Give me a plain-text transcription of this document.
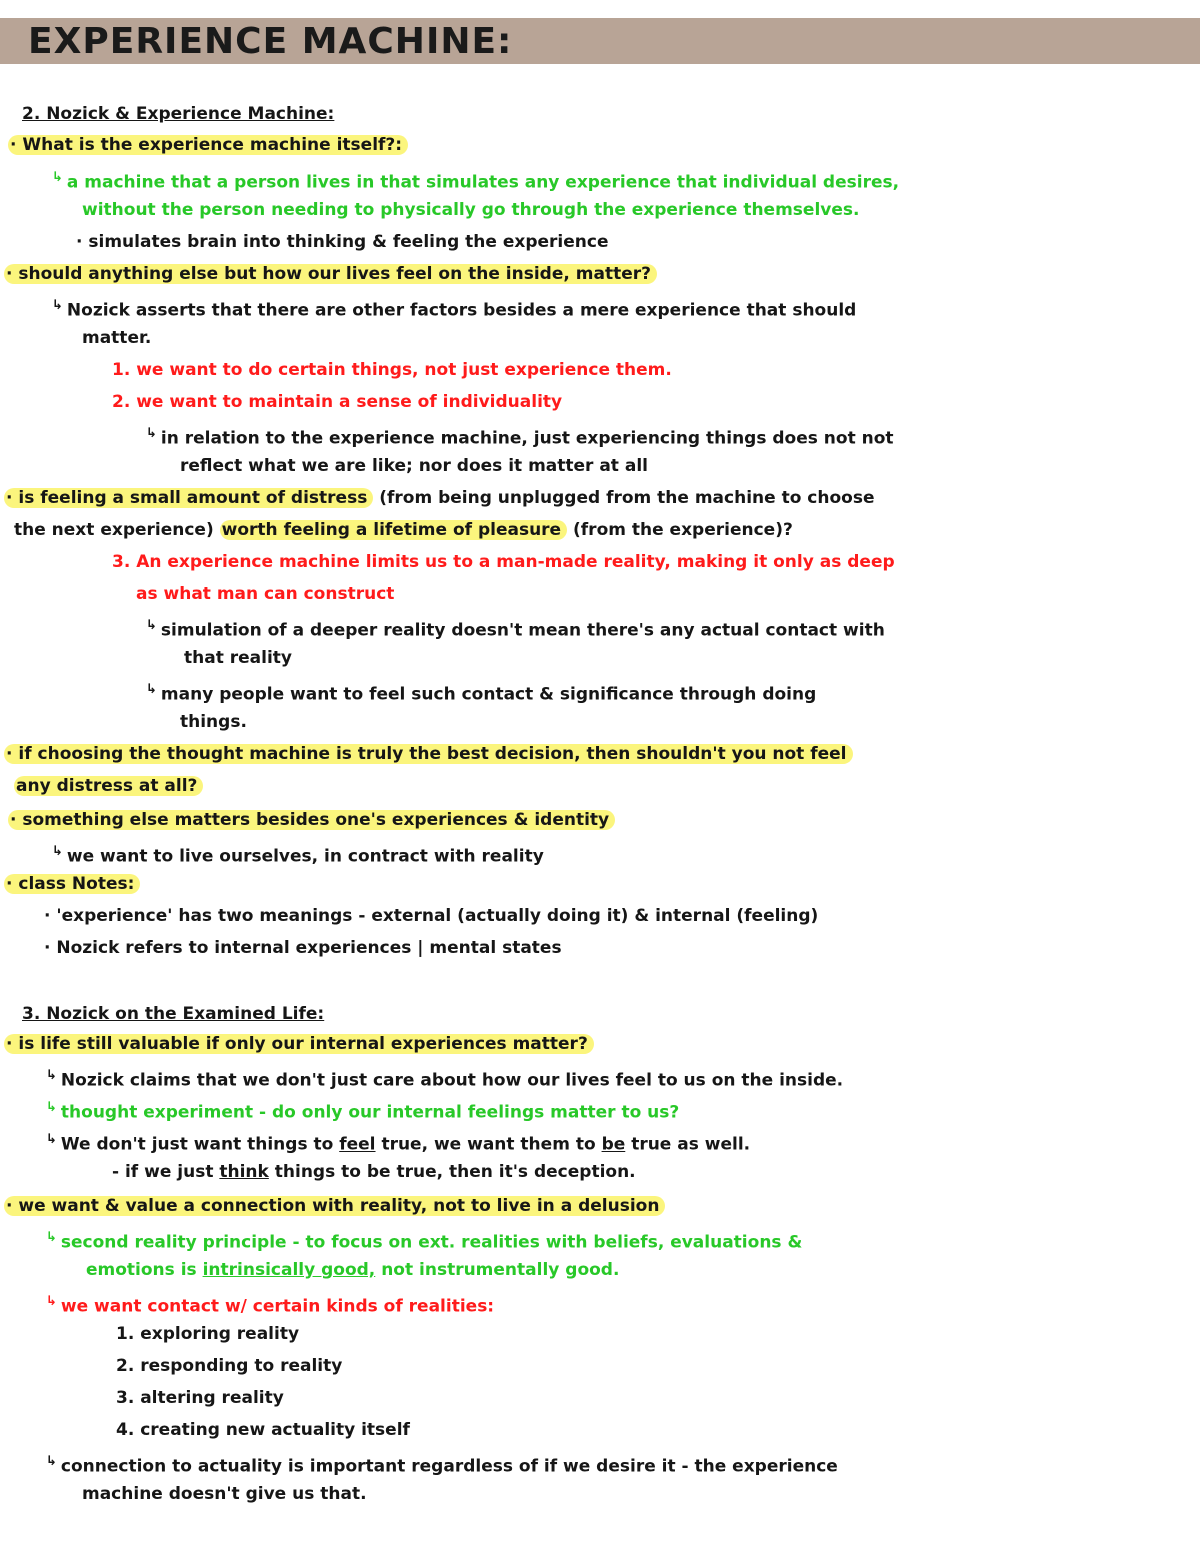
EXPERIENCE MACHINE:
2. Nozick & Experience Machine:
· What is the experience machine itself?:
↳ a machine that a person lives in that simulates any experience that individual desires,
without the person needing to physically go through the experience themselves.
· simulates brain into thinking & feeling the experience
· should anything else but how our lives feel on the inside, matter?
↳ Nozick asserts that there are other factors besides a mere experience that should
matter.
1. we want to do certain things, not just experience them.
2. we want to maintain a sense of individuality
↳ in relation to the experience machine, just experiencing things does not not
reflect what we are like; nor does it matter at all
· is feeling a small amount of distress (from being unplugged from the machine to choose
the next experience) worth feeling a lifetime of pleasure (from the experience)?
3. An experience machine limits us to a man-made reality, making it only as deep
as what man can construct
↳ simulation of a deeper reality doesn't mean there's any actual contact with
that reality
↳ many people want to feel such contact & significance through doing
things.
· if choosing the thought machine is truly the best decision, then shouldn't you not feel
any distress at all?
· something else matters besides one's experiences & identity
↳ we want to live ourselves, in contract with reality
· class Notes:
· 'experience' has two meanings - external (actually doing it) & internal (feeling)
· Nozick refers to internal experiences | mental states
3. Nozick on the Examined Life:
· is life still valuable if only our internal experiences matter?
↳ Nozick claims that we don't just care about how our lives feel to us on the inside.
↳ thought experiment - do only our internal feelings matter to us?
↳ We don't just want things to feel true, we want them to be true as well.
- if we just think things to be true, then it's deception.
· we want & value a connection with reality, not to live in a delusion
↳ second reality principle - to focus on ext. realities with beliefs, evaluations &
emotions is intrinsically good, not instrumentally good.
↳ we want contact w/ certain kinds of realities:
1. exploring reality
2. responding to reality
3. altering reality
4. creating new actuality itself
↳ connection to actuality is important regardless of if we desire it - the experience
machine doesn't give us that.
